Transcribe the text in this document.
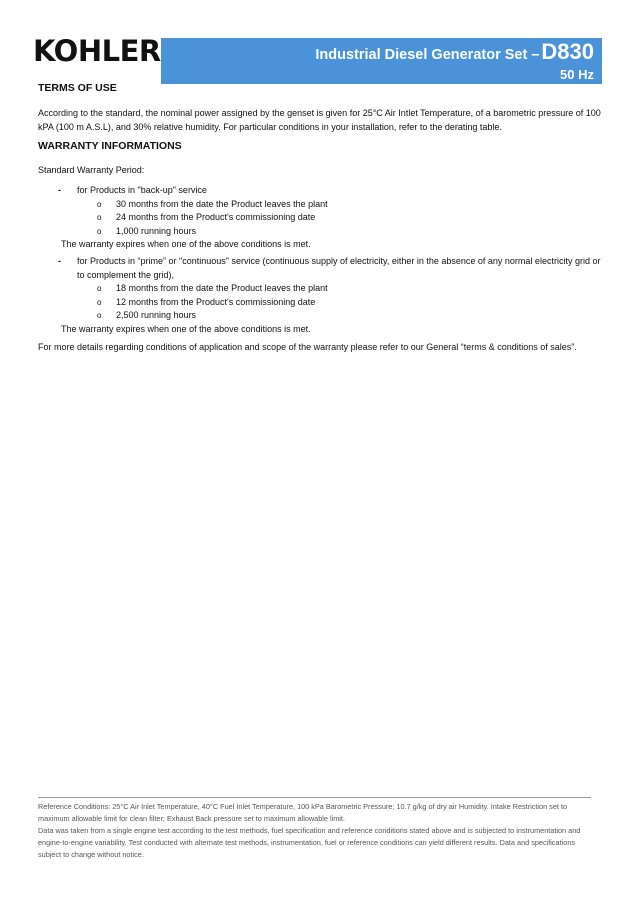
KOHLER	Industrial Diesel Generator Set –D830
50 Hz
TERMS OF USE

According to the standard, the nominal power assigned by the genset is given for 25°C Air Intlet Temperature, of a barometric pressure of 100 kPA (100 m A.S.L), and 30% relative humidity. For particular conditions in your installation, refer to the derating table.

WARRANTY INFORMATIONS

Standard Warranty Period:

- for Products in "back-up" service
o 30 months from the date the Product leaves the plant
o 24 months from the Product's commissioning date
o 1,000 running hours
The warranty expires when one of the above conditions is met.
- for Products in “prime” or "continuous" service (continuous supply of electricity, either in the absence of any normal electricity grid or to complement the grid),
o 18 months from the date the Product leaves the plant
o 12 months from the Product's commissioning date
o 2,500 running hours
The warranty expires when one of the above conditions is met.

For more details regarding conditions of application and scope of the warranty please refer to our General “terms & conditions of sales”.

Reference Conditions: 25°C Air Inlet Temperature, 40°C Fuel Inlet Temperature, 100 kPa Barometric Pressure; 10.7 g/kg of dry air Humidity. Intake Restriction set to maximum allowable limit for clean filter; Exhaust Back pressure set to maximum allowable limit.

Data was taken from a single engine test according to the test methods, fuel specification and reference conditions stated above and is subjected to instrumentation and engine-to-engine variability. Test conducted with alternate test methods, instrumentation, fuel or reference conditions can yield different results. Data and specifications subject to change without notice.
